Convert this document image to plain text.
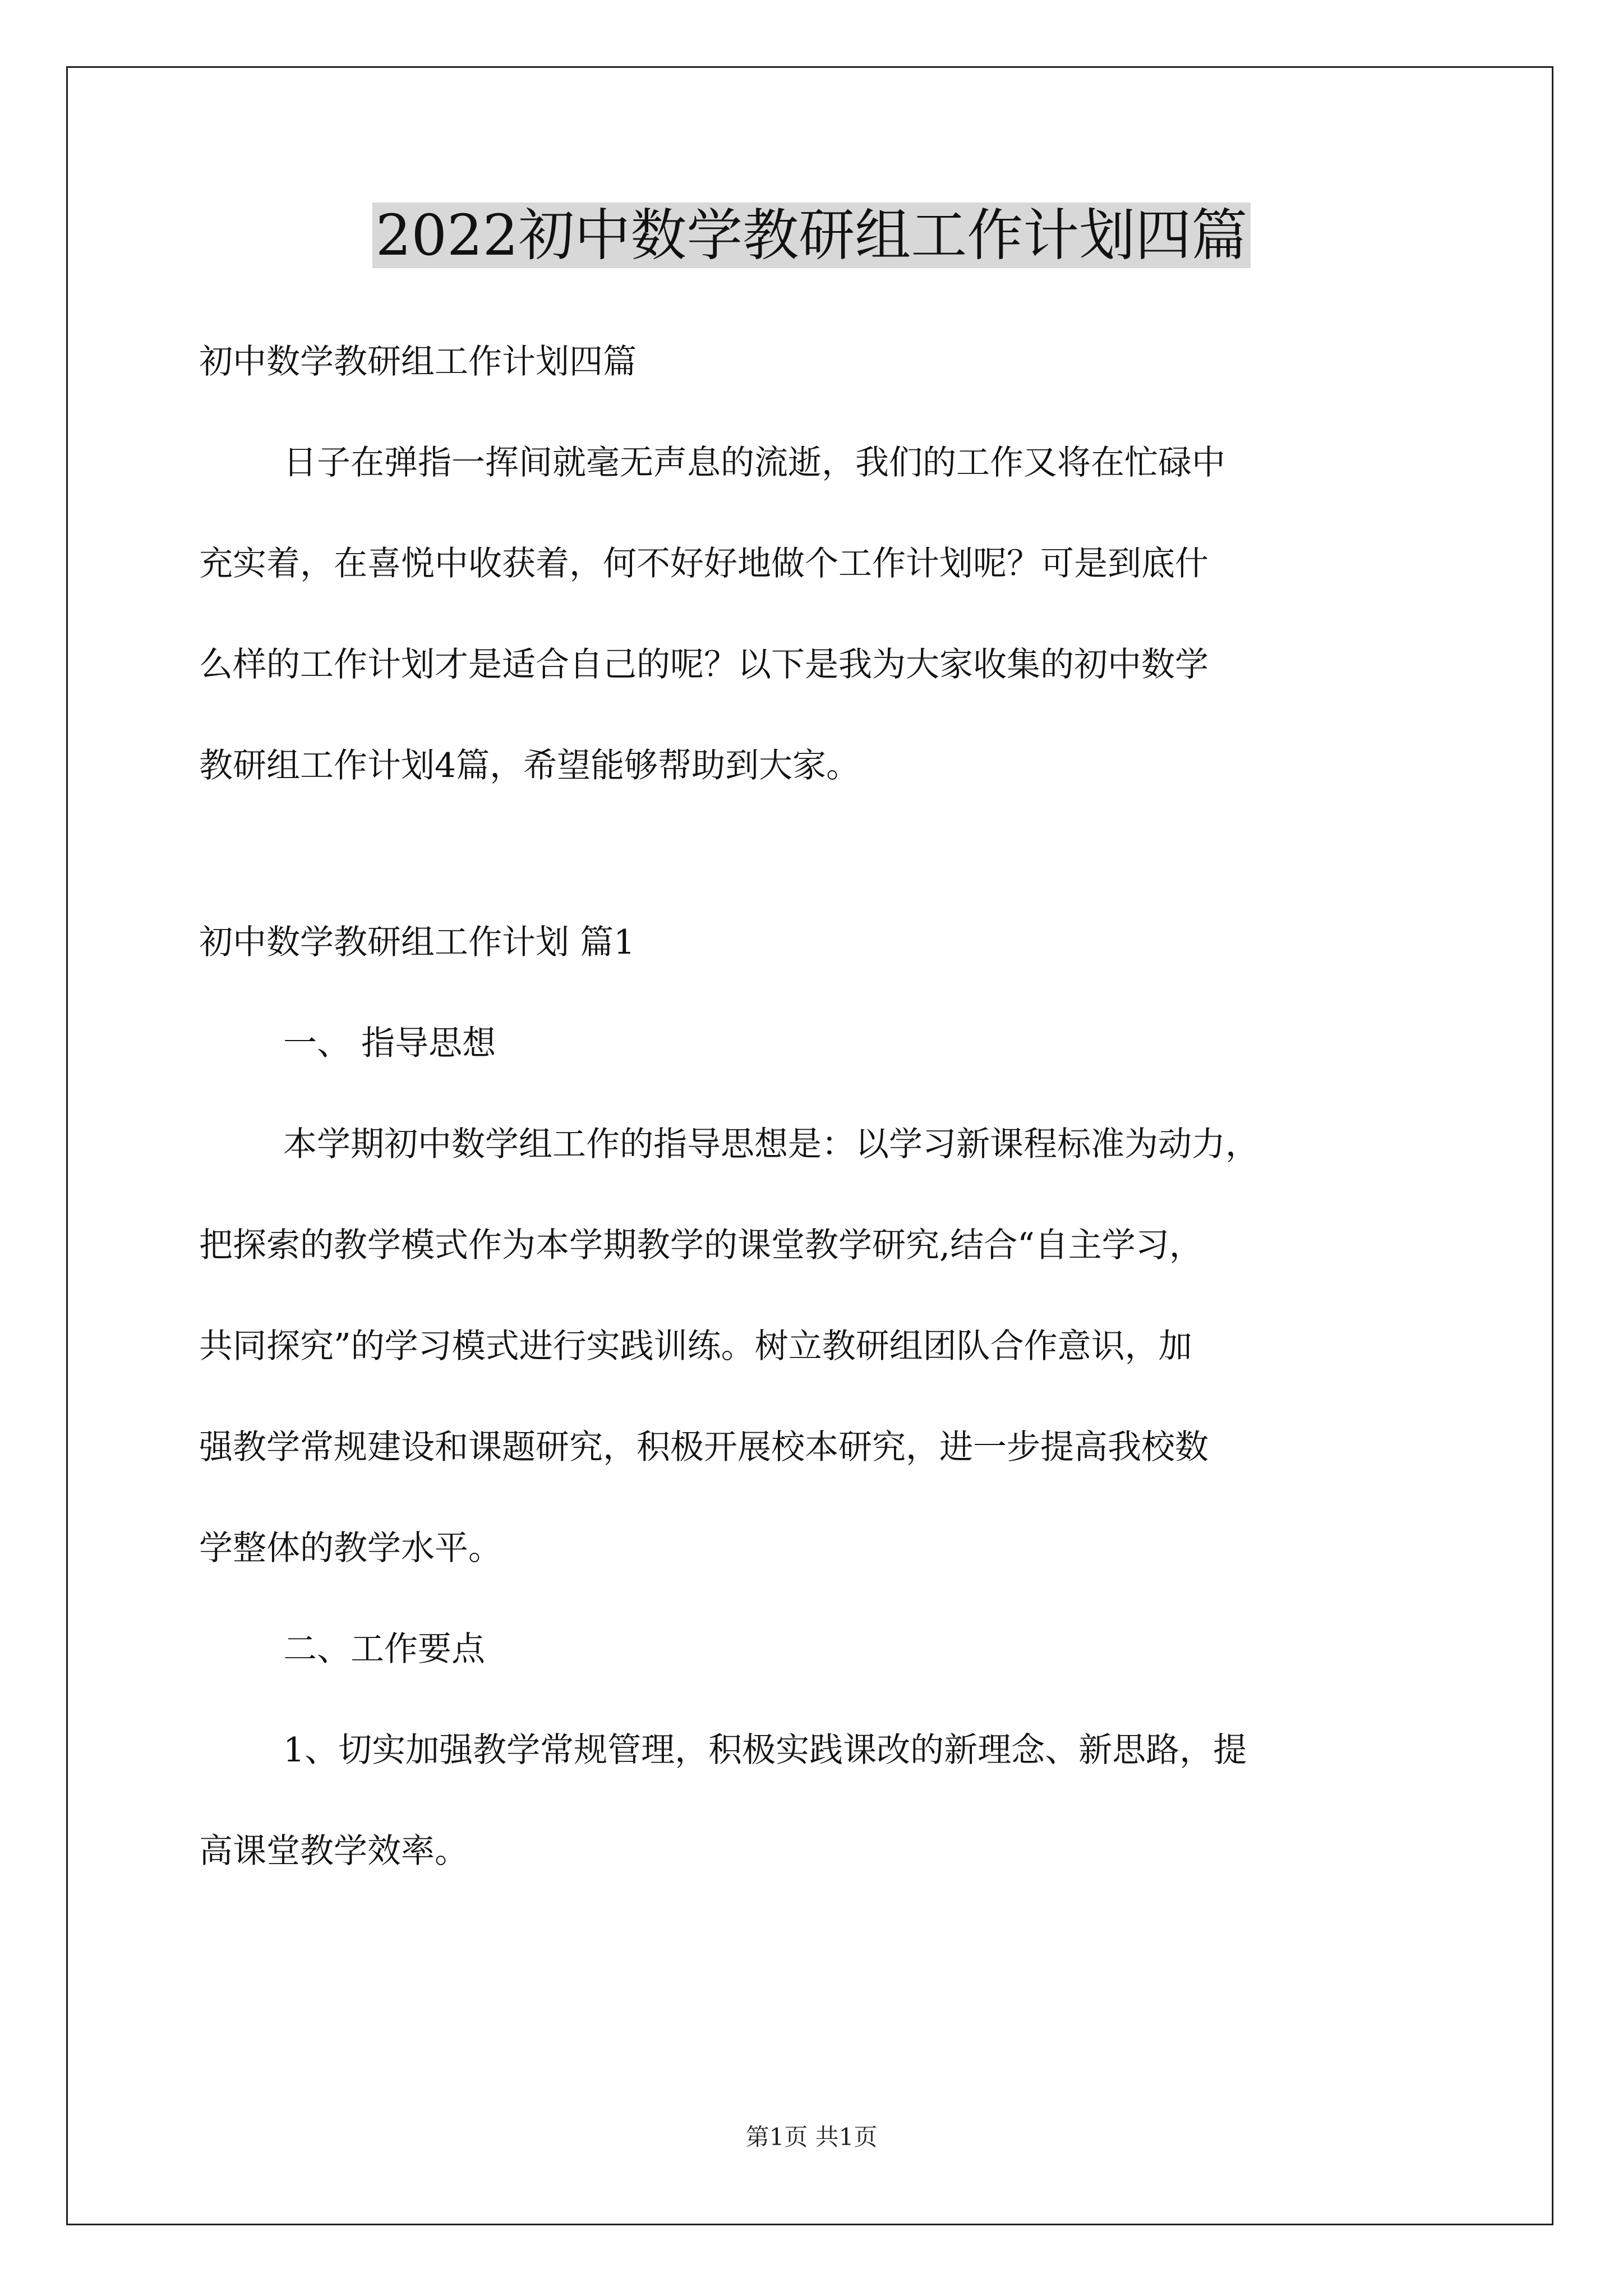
2022初中数学教研组工作计划四篇

初中数学教研组工作计划四篇

日子在弹指一挥间就毫无声息的流逝，我们的工作又将在忙碌中

充实着，在喜悦中收获着，何不好好地做个工作计划呢？可是到底什

么样的工作计划才是适合自己的呢？以下是我为大家收集的初中数学

教研组工作计划4篇，希望能够帮助到大家。

初中数学教研组工作计划 篇1

一、 指导思想

本学期初中数学组工作的指导思想是：以学习新课程标准为动力，

把探索的教学模式作为本学期教学的课堂教学研究,结合“自主学习，

共同探究”的学习模式进行实践训练。树立教研组团队合作意识，加

强教学常规建设和课题研究，积极开展校本研究，进一步提高我校数

学整体的教学水平。

二、工作要点

1、切实加强教学常规管理，积极实践课改的新理念、新思路，提

高课堂教学效率。

第1页 共1页
